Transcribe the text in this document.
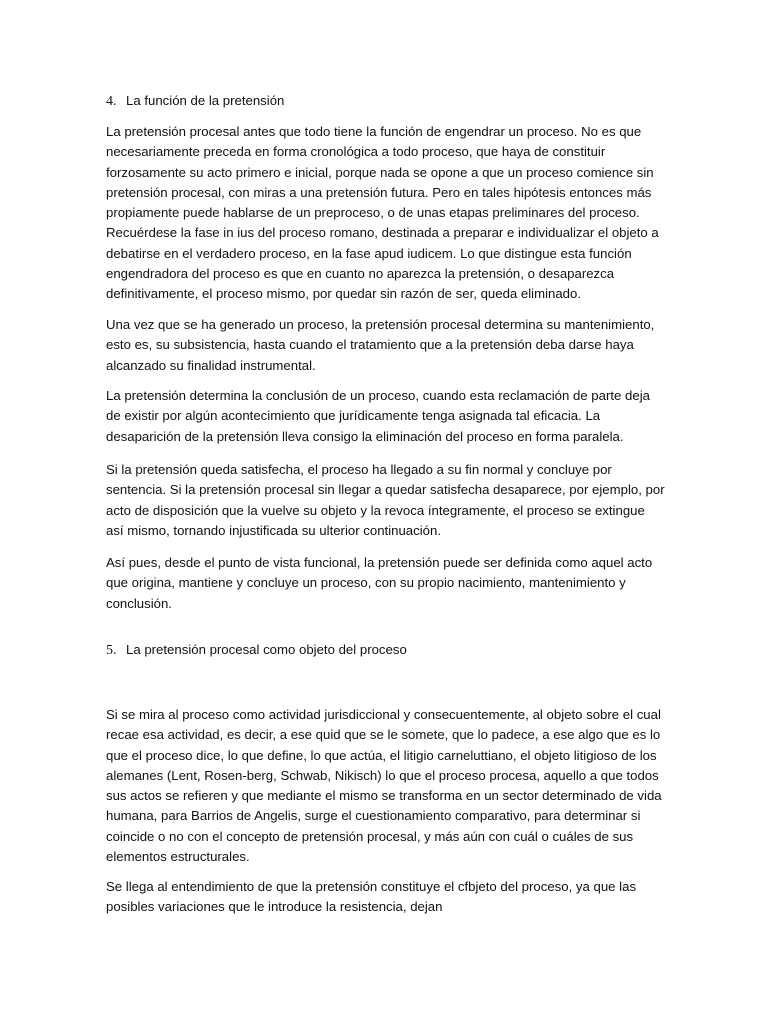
4. La función de la pretensión

La pretensión procesal antes que todo tiene la función de engendrar un proceso. No es que necesariamente preceda en forma cronológica a todo proceso, que haya de constituir forzosamente su acto primero e inicial, porque nada se opone a que un proceso comience sin pretensión procesal, con miras a una pretensión futura. Pero en tales hipótesis entonces más propiamente puede hablarse de un preproceso, o de unas etapas preliminares del proceso. Recuérdese la fase in ius del proceso romano, destinada a preparar e individualizar el objeto a debatirse en el verdadero proceso, en la fase apud iudicem. Lo que distingue esta función engendradora del proceso es que en cuanto no aparezca la pretensión, o desaparezca definitivamente, el proceso mismo, por quedar sin razón de ser, queda eliminado.

Una vez que se ha generado un proceso, la pretensión procesal determina su mantenimiento, esto es, su subsistencia, hasta cuando el tratamiento que a la pretensión deba darse haya alcanzado su finalidad instrumental.

La pretensión determina la conclusión de un proceso, cuando esta reclamación de parte deja de existir por algún acontecimiento que jurídicamente tenga asignada tal eficacia. La desaparición de la pretensión lleva consigo la eliminación del proceso en forma paralela.

Si la pretensión queda satisfecha, el proceso ha llegado a su fin normal y concluye por sentencia. Si la pretensión procesal sin llegar a quedar satisfecha desaparece, por ejemplo, por acto de disposición que la vuelve su objeto y la revoca íntegramente, el proceso se extingue así mismo, tornando injustificada su ulterior continuación.

Así pues, desde el punto de vista funcional, la pretensión puede ser definida como aquel acto que origina, mantiene y concluye un proceso, con su propio nacimiento, mantenimiento y conclusión.

5. La pretensión procesal como objeto del proceso

Si se mira al proceso como actividad jurisdiccional y consecuentemente, al objeto sobre el cual recae esa actividad, es decir, a ese quid que se le somete, que lo padece, a ese algo que es lo que el proceso dice, lo que define, lo que actúa, el litigio carneluttiano, el objeto litigioso de los alemanes (Lent, Rosen-berg, Schwab, Nikisch) lo que el proceso procesa, aquello a que todos sus actos se refieren y que mediante el mismo se transforma en un sector determinado de vida humana, para Barrios de Angelis, surge el cuestionamiento comparativo, para determinar si coincide o no con el concepto de pretensión procesal, y más aún con cuál o cuáles de sus elementos estructurales.

Se llega al entendimiento de que la pretensión constituye el cfbjeto del proceso, ya que las posibles variaciones que le introduce la resistencia, dejan
